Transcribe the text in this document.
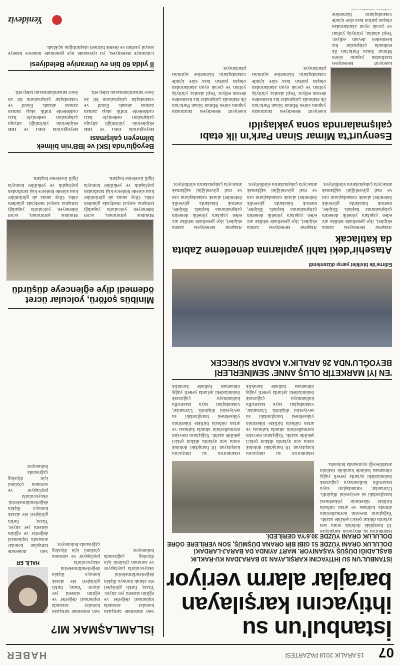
07
15 ARALIK 2018 PAZARTESİ
HABER
İstanbul'un su ihtiyacını karşılayan barajlar alarm veriyor
İSTANBUL'UN SU İHTİYACINI KARŞILAYAN 10 BARAJDAN KU-RAKLIK BAŞLADIĞI DÜŞÜŞ YAŞANIYOR. MART AYINDA DA BARAJ-LARDAKİ DOLULUK ORANI YÜZDE 51 GİBİ BİR ORANA DÜŞMÜŞ, SON VERİLERE GÖRE DOLULUK ORANI YÜZDE 30.6'YA GERİLEDİ.
İstanbul'un su ihtiyacını karşılayan 10 barajdaki doluluk oranı son aylarda dikkat çekici şekilde azaldı. Yağışların mevsim normallerinin altında kalması ve artan nüfusla birlikte tüketimin yükselmesi barajlardaki su seviyesini düşürdü. Uzmanlar, vatandaşları suyu tasarruflu kullanmaya çağırarak önümüzdeki aylarda yeterli yağış olmaması halinde kuraklık riskinin artabileceği uyarısında bulundu.
İstanbul'un su ihtiyacını karşılayan 10 barajdaki doluluk oranı son aylarda dikkat çekici şekilde azaldı. Yağışların mevsim normallerinin altında kalması ve artan nüfusla birlikte tüketimin yükselmesi barajlardaki su seviyesini düşürdü. Uzmanlar, vatandaşları suyu tasarruflu kullanmaya çağırarak önümüzdeki aylarda yeterli yağış olmaması halinde kuraklık
İstanbul'un su ihtiyacını karşılayan 10 barajdaki doluluk oranı son aylarda dikkat çekici şekilde azaldı. Yağışların mevsim normallerinin altında kalması ve artan nüfusla birlikte tüketimin yükselmesi barajlardaki su seviyesini düşürdü. Uzmanlar, vatandaşları suyu tasarruflu kullanmaya çağırarak önümüzdeki aylarda yeterli yağış olmaması halinde kuraklık
'EN İYİ MARKETİR OLUŞ ANNE' SEMİNERLERİ BEYOĞLU'NDA 26 ARALIK'A KADAR SÜRECEK
Edirne'de bisiklet yarışı düzenlendi
Atasehir'deki tahli yapılarına denetleme Zabıta da katılacak
Ataşehir Belediyesi zabıta ekipleri, ilçe genelinde tehlike arz eden yapılara yönelik denetim çalışmalarına başladı. Ekipler, metruk binalarda güvenlik önlemleri alarak vatandaşların can ve mal güvenliğini sağlamak amacıyla çalışmalarını sürdürüyor.
Ataşehir Belediyesi zabıta ekipleri, ilçe genelinde tehlike arz eden yapılara yönelik denetim çalışmalarına başladı. Ekipler, metruk binalarda güvenlik önlemleri alarak vatandaşların can ve mal güvenliğini sağlamak amacıyla çalışmalarını sürdürüyor.
Ataşehir Belediyesi zabıta ekipleri, ilçe genelinde tehlike arz eden yapılara yönelik denetim çalışmalarına başladı. Ekipler, metruk binalarda güvenlik önlemleri alarak vatandaşların can ve mal güvenliğini sağlamak amacıyla çalışmalarını sürdürüyor.
Esenyurt'ta Mimar Sinan Park'ın ilk etabı çalışmalarında sona yaklaşıldı
Esenyurt Belediyesi tarafından yapımı süren Mimar Sinan Parkı'nın ilk etabında çalışmalar hız kesmeden devam ediyor. Yeşil alanlar, yürüyüş yolları ve çocuk oyun alanlarından oluşan parkın kısa süre içinde vatandaşların hizmetine açılması planlanıyor.
Esenyurt Belediyesi tarafından yapımı süren Mimar Sinan Parkı'nın ilk etabında çalışmalar hız kesmeden devam ediyor. Yeşil alanlar, yürüyüş yolları ve çocuk oyun alanlarından oluşan parkın kısa süre içinde vatandaşların hizmetine açılması planlanıyor.
Esenyurt Belediyesi tarafından yapımı süren Mimar Sinan Parkı'nın ilk etabında çalışmalar hız kesmeden devam ediyor. Yeşil alanlar, yürüyüş yolları ve çocuk oyun alanlarından oluşan parkın kısa süre içinde vatandaşların hizmetine
İSLAMLAŞMAK MI?
HALİL ER
Son dönemde tartışılan konular arasında toplumsal değerler ve eğitim sistemi yer alıyor. Yazar, farklı görüşleri ele alarak konuya ilişkin değerlendirmelerini okuyucularla paylaşıyor ve sorunun çözümü için diyalog çağrısında bulunuyor.
Son dönemde tartışılan konular arasında toplumsal değerler ve eğitim sistemi yer alıyor. Yazar, farklı görüşleri ele alarak konuya ilişkin değerlendirmelerini okuyucularla paylaşıyor ve sorunun çözümü için diyalog çağrısında bulunuyor.
Son dönemde tartışılan konular arasında toplumsal değerler ve eğitim sistemi yer alıyor. Yazar, farklı görüşleri ele alarak konuya ilişkin değerlendirmelerini okuyucularla paylaşıyor ve sorunun çözümü için diyalog çağrısında bulunuyor.
Minibüs şoförü, yolcular ücret ödemedi diye eğlenceye düşürdü
Minibüs şoförünün, ücret ödemeyen yolcularla yaşadığı tartışma sosyal medyada gündem oldu. Olay anına ait görüntüler kısa sürede binlerce kişi tarafından paylaşıldı ve yetkililer konuyla ilgili inceleme başlattı.
Minibüs şoförünün, ücret ödemeyen yolcularla yaşadığı tartışma sosyal medyada gündem oldu. Olay anına ait görüntüler kısa sürede binlerce kişi tarafından paylaşıldı ve yetkililer konuyla ilgili inceleme başlattı.
Beyoğlu'nda İSKİ ve İBB'nin bilmek bilmeyen çalışması
Beyoğlu'nda İSKİ ve İBB ekiplerinin yürüttüğü altyapı çalışmaları nedeniyle bazı caddelerde trafik akışı zaman zaman aksadı. Esnaf ve vatandaşlar çalışmaların bir an önce tamamlanmasını talep etti.
Beyoğlu'nda İSKİ ve İBB ekiplerinin yürüttüğü altyapı çalışmaları nedeniyle bazı caddelerde trafik akışı zaman zaman aksadı. Esnaf ve vatandaşlar çalışmaların bir an önce tamamlanmasını talep etti.
İl yılda 60 bin ev Ümraniye Belediyesi
Ümraniye Belediyesi, yıl içerisinde ilçe genelinde binlerce haneye sosyal yardım ve destek hizmeti ulaştırdığını açıkladı.
Yenideviz
